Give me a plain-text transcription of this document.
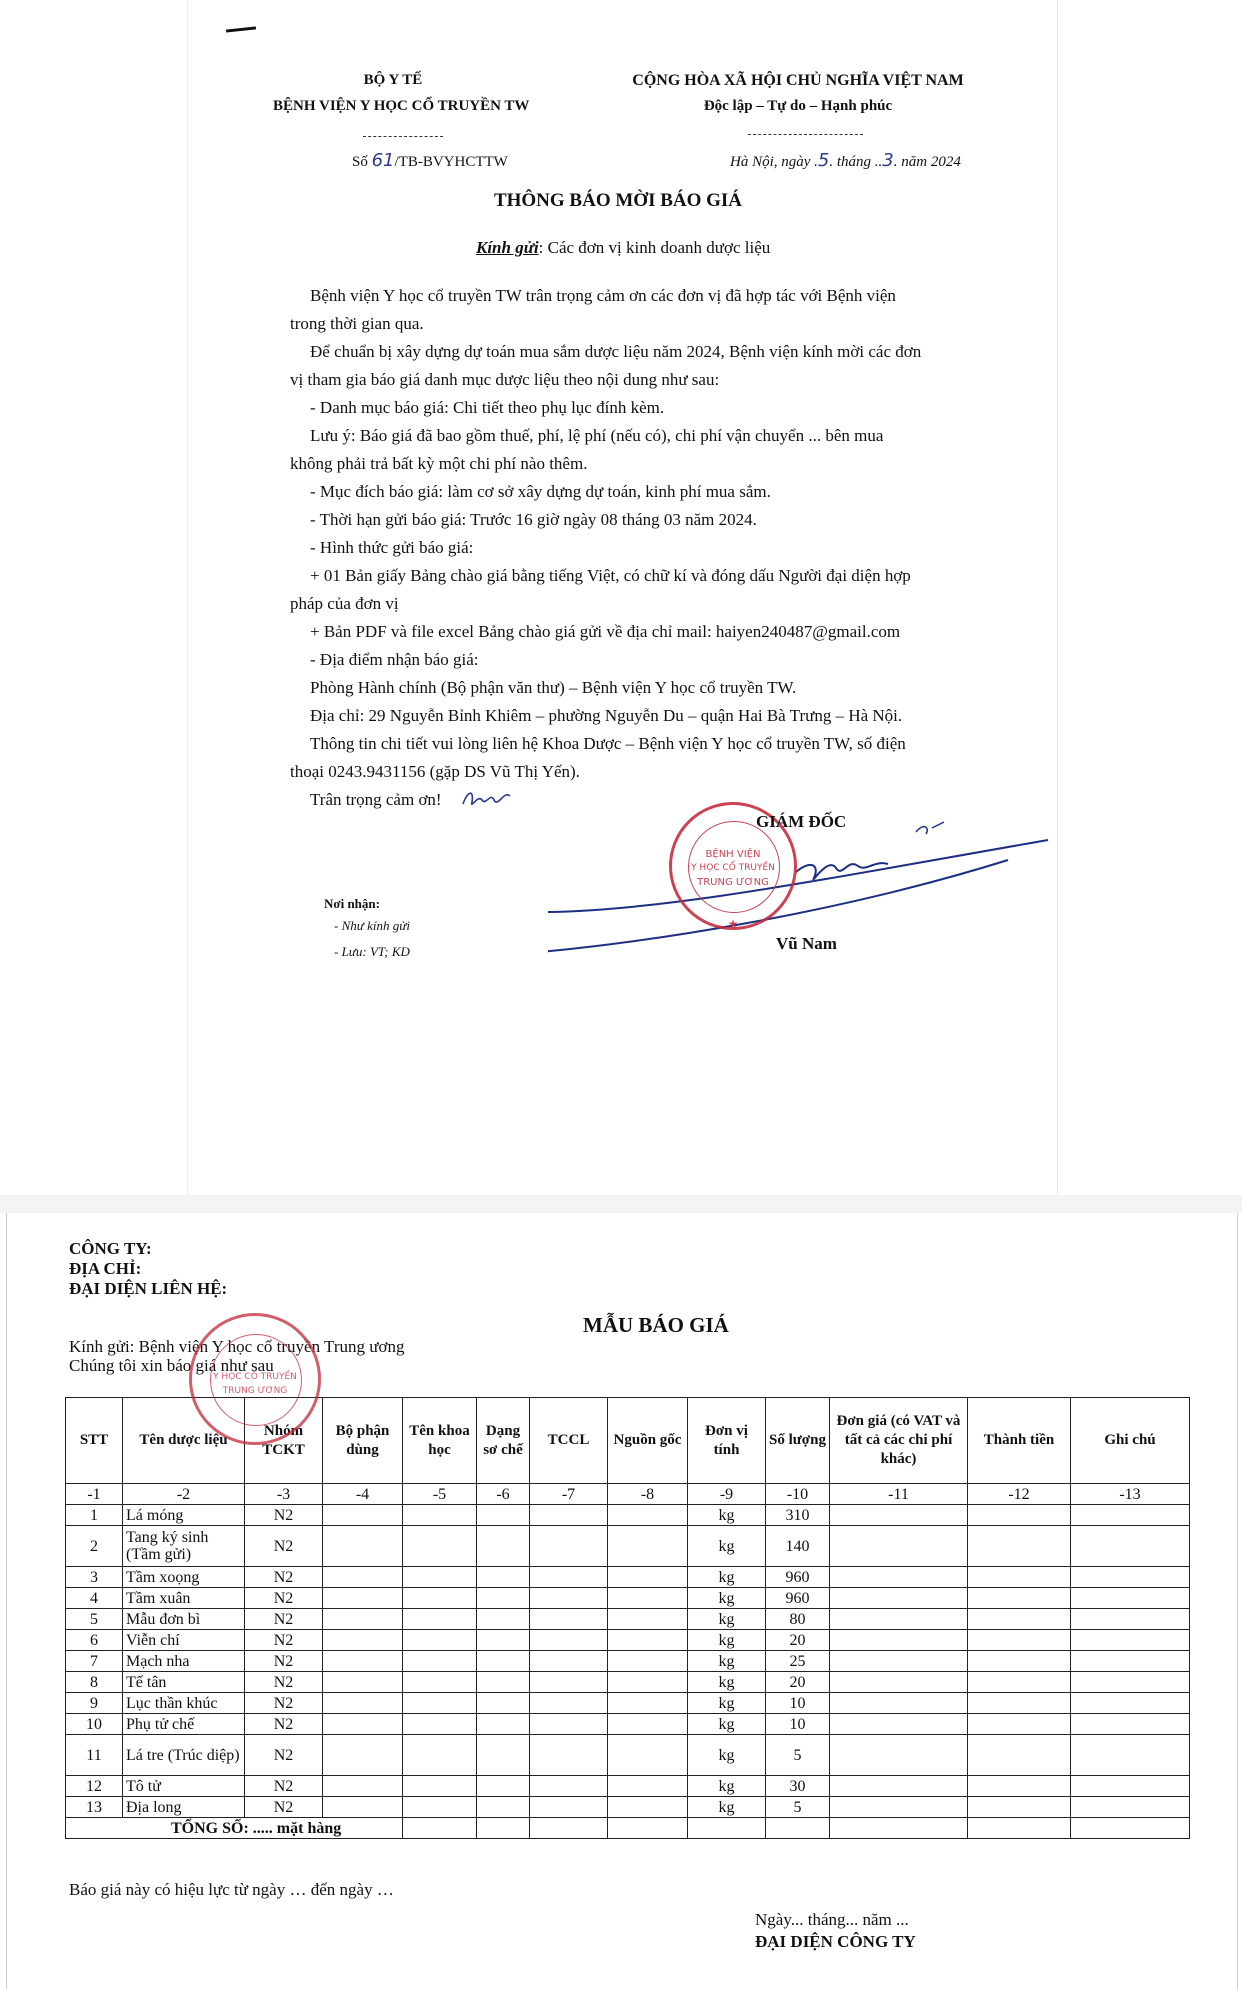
BỘ Y TẾ
BỆNH VIỆN Y HỌC CỔ TRUYỀN TW
CỘNG HÒA XÃ HỘI CHỦ NGHĨA VIỆT NAM
Độc lập – Tự do – Hạnh phúc
Số 61/TB-BVYHCTTW	Hà Nội, ngày .5. tháng ..3. năm 2024
THÔNG BÁO MỜI BÁO GIÁ
Kính gửi: Các đơn vị kinh doanh dược liệu
Bệnh viện Y học cổ truyền TW trân trọng cảm ơn các đơn vị đã hợp tác với Bệnh viện
trong thời gian qua.
Để chuẩn bị xây dựng dự toán mua sắm dược liệu năm 2024, Bệnh viện kính mời các đơn
vị tham gia báo giá danh mục dược liệu theo nội dung như sau:
- Danh mục báo giá: Chi tiết theo phụ lục đính kèm.
Lưu ý: Báo giá đã bao gồm thuế, phí, lệ phí (nếu có), chi phí vận chuyển ... bên mua
không phải trả bất kỳ một chi phí nào thêm.
- Mục đích báo giá: làm cơ sở xây dựng dự toán, kinh phí mua sắm.
- Thời hạn gửi báo giá: Trước 16 giờ ngày 08 tháng 03 năm 2024.
- Hình thức gửi báo giá:
+ 01 Bản giấy Bảng chào giá bằng tiếng Việt, có chữ kí và đóng dấu Người đại diện hợp
pháp của đơn vị
+ Bản PDF và file excel Bảng chào giá gửi về địa chỉ mail: haiyen240487@gmail.com
- Địa điểm nhận báo giá:
Phòng Hành chính (Bộ phận văn thư) – Bệnh viện Y học cổ truyền TW.
Địa chỉ: 29 Nguyễn Bỉnh Khiêm – phường Nguyễn Du – quận Hai Bà Trưng – Hà Nội.
Thông tin chi tiết vui lòng liên hệ Khoa Dược – Bệnh viện Y học cổ truyền TW, số điện
thoại 0243.9431156 (gặp DS Vũ Thị Yến).
Trân trọng cảm ơn!
Nơi nhận:
- Như kính gửi
- Lưu: VT; KD
BỆNH VIỆN
Y HỌC CỔ TRUYỀN
TRUNG ƯƠNG
★
GIÁM ĐỐC
Vũ Nam
CÔNG TY:
ĐỊA CHỈ:
ĐẠI DIỆN LIÊN HỆ:
MẪU BÁO GIÁ
Kính gửi: Bệnh viện Y học cổ truyền Trung ương
Chúng tôi xin báo giá như sau
STT	Tên dược liệu	Nhóm TCKT	Bộ phận dùng	Tên khoa học	Dạng sơ chế	TCCL	Nguồn gốc	Đơn vị tính	Số lượng	Đơn giá (có VAT và tất cả các chi phí khác)	Thành tiền	Ghi chú
-1	-2	-3	-4	-5	-6	-7	-8	-9	-10	-11	-12	-13
1	Lá móng	N2						kg	310			
2	Tang ký sinh (Tầm gửi)	N2						kg	140			
3	Tầm xoọng	N2						kg	960			
4	Tầm xuân	N2						kg	960			
5	Mẫu đơn bì	N2						kg	80			
6	Viễn chí	N2						kg	20			
7	Mạch nha	N2						kg	25			
8	Tế tân	N2						kg	20			
9	Lục thần khúc	N2						kg	10			
10	Phụ tử chế	N2						kg	10			
11	Lá tre (Trúc diệp)	N2						kg	5			
12	Tô tử	N2						kg	30			
13	Địa long	N2						kg	5			
TỔNG SỐ: ..... mặt hàng												
Y HỌC CỔ TRUYỀN
TRUNG ƯƠNG
Báo giá này có hiệu lực từ ngày … đến ngày …
Ngày... tháng... năm ...
ĐẠI DIỆN CÔNG TY
